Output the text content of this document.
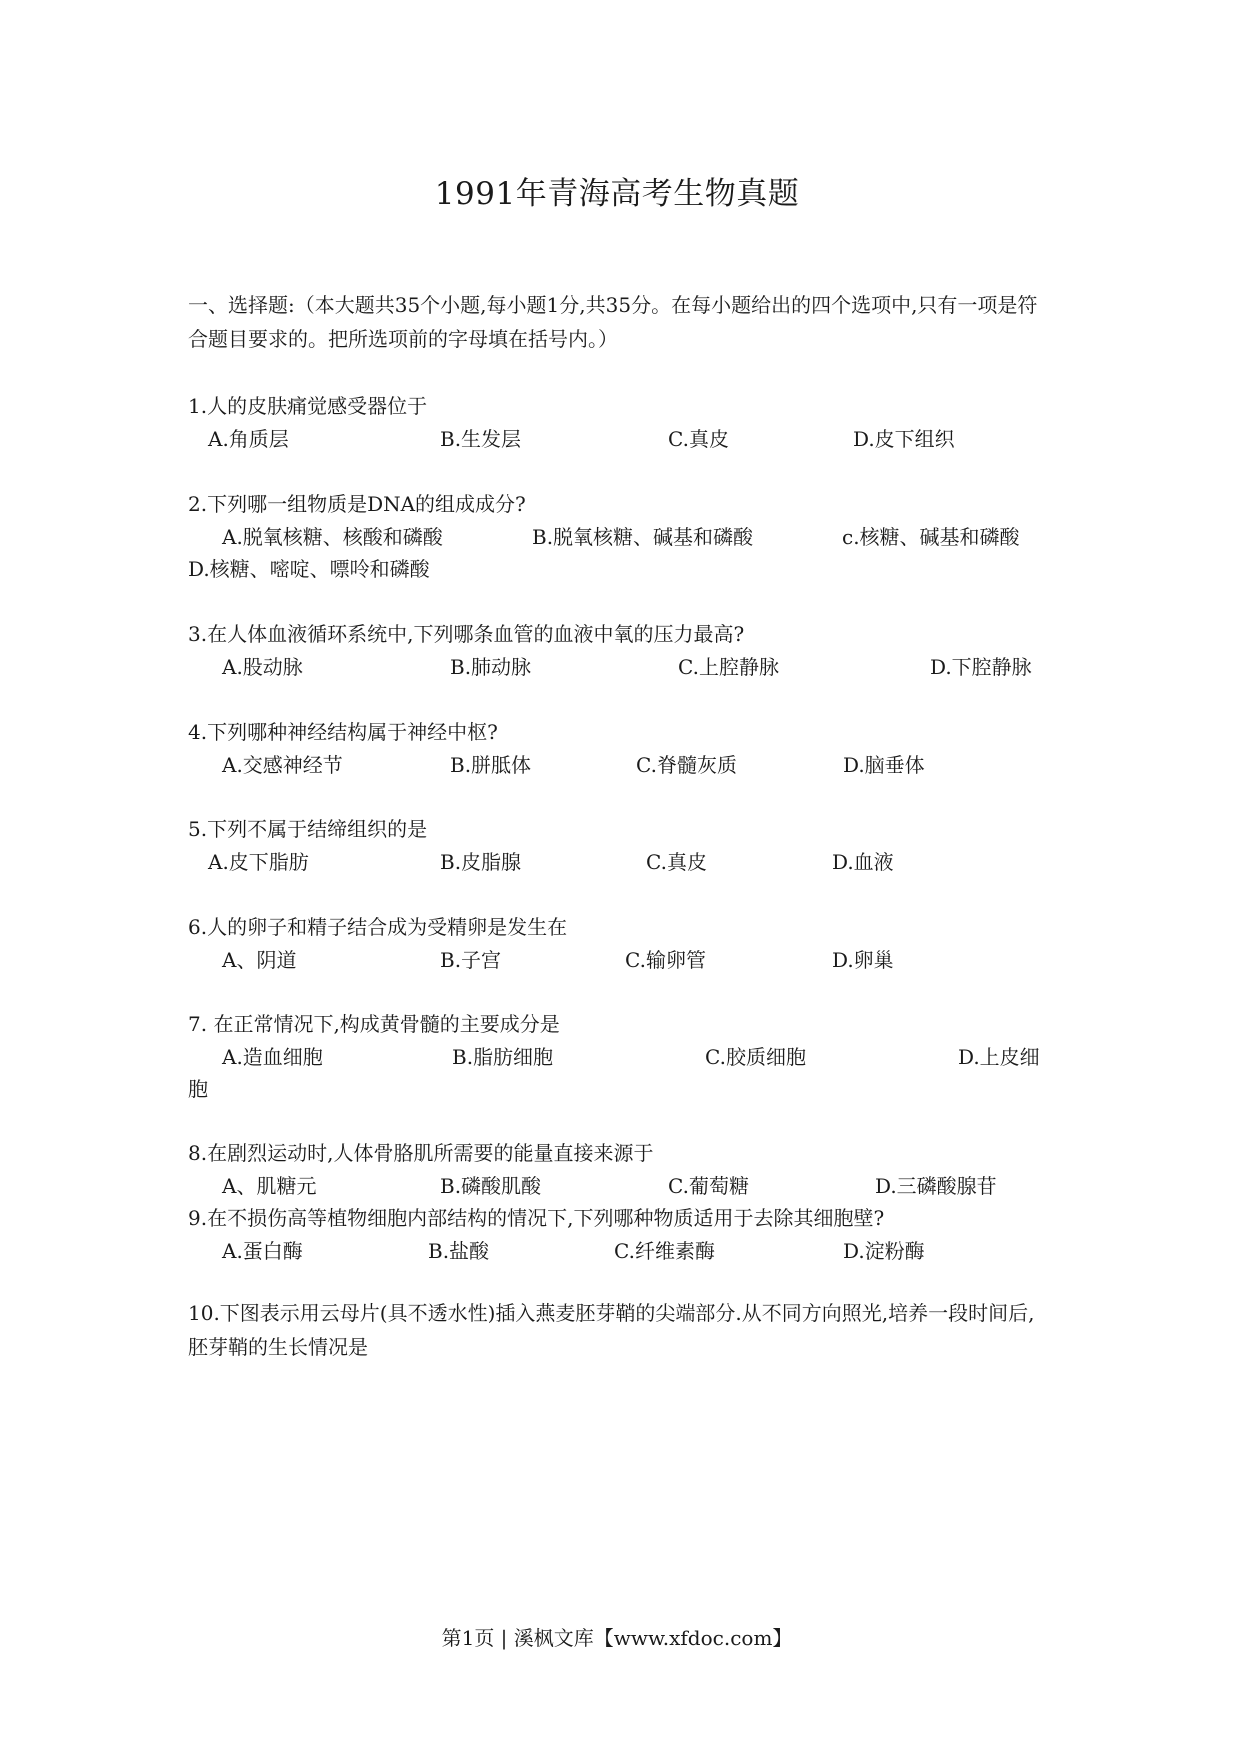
1991年青海高考生物真题
一、选择题:（本大题共35个小题,每小题1分,共35分。在每小题给出的四个选项中,只有一项是符合题目要求的。把所选项前的字母填在括号内。）
1.人的皮肤痛觉感受器位于
A.角质层	B.生发层	C.真皮	D.皮下组织
2.下列哪一组物质是DNA的组成成分?
A.脱氧核糖、核酸和磷酸	B.脱氧核糖、碱基和磷酸	c.核糖、碱基和磷酸
D.核糖、嘧啶、嘌呤和磷酸
3.在人体血液循环系统中,下列哪条血管的血液中氧的压力最高?
A.股动脉	B.肺动脉	C.上腔静脉	D.下腔静脉
4.下列哪种神经结构属于神经中枢?
A.交感神经节	B.胼胝体	C.脊髓灰质	D.脑垂体
5.下列不属于结缔组织的是
A.皮下脂肪	B.皮脂腺	C.真皮	D.血液
6.人的卵子和精子结合成为受精卵是发生在
A、阴道	B.子宫	C.输卵管	D.卵巢
7. 在正常情况下,构成黄骨髓的主要成分是
A.造血细胞	B.脂肪细胞	C.胶质细胞	D.上皮细
胞
8.在剧烈运动时,人体骨胳肌所需要的能量直接来源于
A、肌糖元	B.磷酸肌酸	C.葡萄糖	D.三磷酸腺苷
9.在不损伤高等植物细胞内部结构的情况下,下列哪种物质适用于去除其细胞壁?
A.蛋白酶	B.盐酸	C.纤维素酶	D.淀粉酶
10.下图表示用云母片(具不透水性)插入燕麦胚芽鞘的尖端部分.从不同方向照光,培养一段时间后,胚芽鞘的生长情况是
第1页 | 溪枫文库【www.xfdoc.com】
